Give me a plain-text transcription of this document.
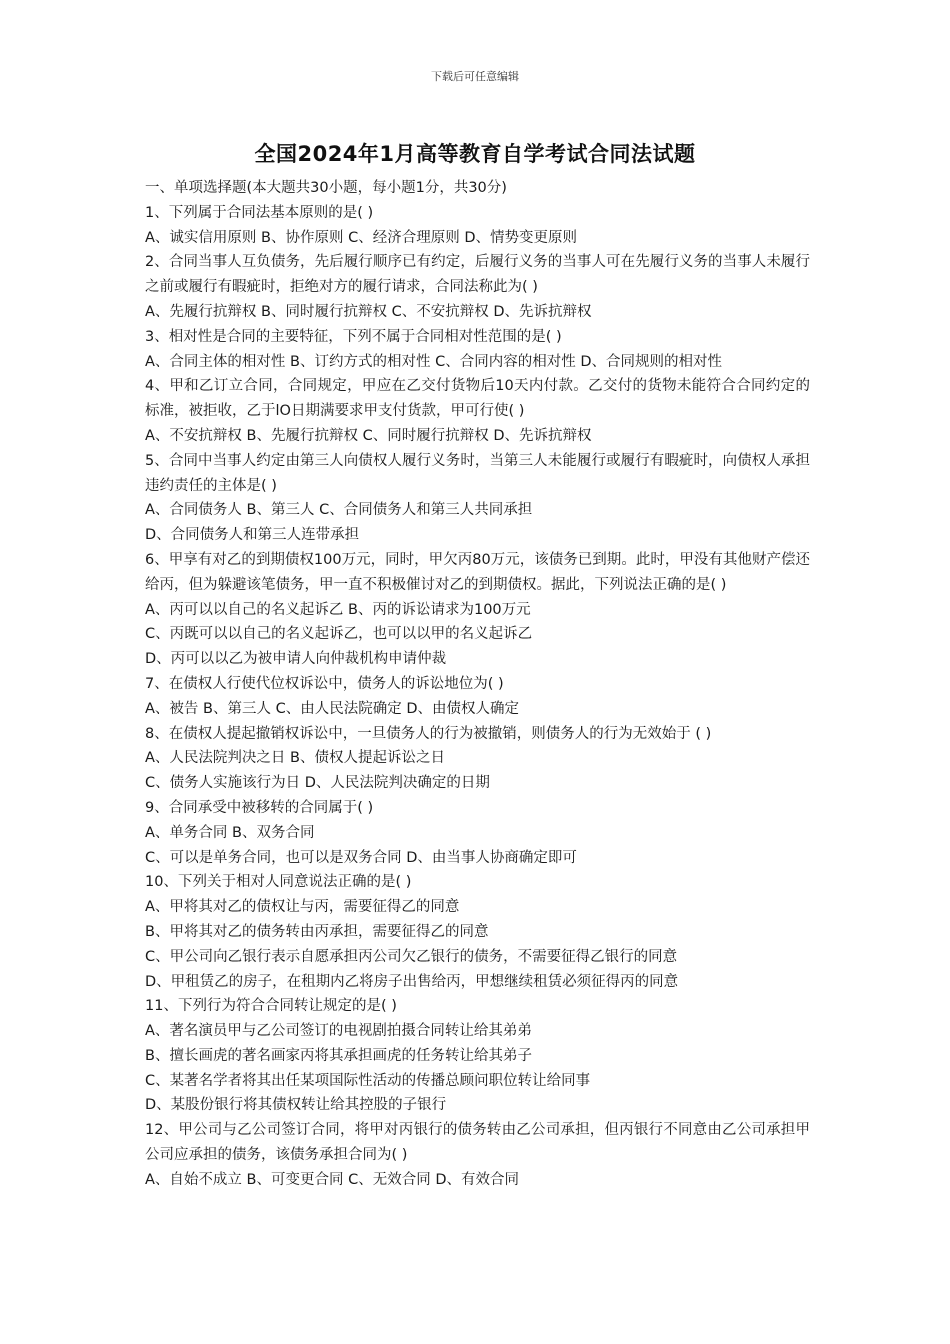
下载后可任意编辑
全国2024年1月高等教育自学考试合同法试题
一、单项选择题(本大题共30小题，每小题1分，共30分)
1、下列属于合同法基本原则的是( )
A、诚实信用原则 B、协作原则 C、经济合理原则 D、情势变更原则
2、合同当事人互负债务，先后履行顺序已有约定，后履行义务的当事人可在先履行义务的当事人未履行之前或履行有暇疵时，拒绝对方的履行请求，合同法称此为( )
A、先履行抗辩权 B、同时履行抗辩权 C、不安抗辩权 D、先诉抗辩权
3、相对性是合同的主要特征，下列不属于合同相对性范围的是( )
A、合同主体的相对性 B、订约方式的相对性 C、合同内容的相对性 D、合同规则的相对性
4、甲和乙订立合同，合同规定，甲应在乙交付货物后10天内付款。乙交付的货物未能符合合同约定的标准，被拒收，乙于lO日期满要求甲支付货款，甲可行使( )
A、不安抗辩权 B、先履行抗辩权 C、同时履行抗辩权 D、先诉抗辩权
5、合同中当事人约定由第三人向债权人履行义务时，当第三人未能履行或履行有暇疵时，向债权人承担违约责任的主体是( )
A、合同债务人 B、第三人 C、合同债务人和第三人共同承担
D、合同债务人和第三人连带承担
6、甲享有对乙的到期债权100万元，同时，甲欠丙80万元，该债务已到期。此时，甲没有其他财产偿还给丙，但为躲避该笔债务，甲一直不积极催讨对乙的到期债权。据此，下列说法正确的是( )
A、丙可以以自己的名义起诉乙 B、丙的诉讼请求为100万元
C、丙既可以以自己的名义起诉乙，也可以以甲的名义起诉乙
D、丙可以以乙为被申请人向仲裁机构申请仲裁
7、在债权人行使代位权诉讼中，债务人的诉讼地位为( )
A、被告 B、第三人 C、由人民法院确定 D、由债权人确定
8、在债权人提起撤销权诉讼中，一旦债务人的行为被撤销，则债务人的行为无效始于 ( )
A、人民法院判决之日 B、债权人提起诉讼之日
C、债务人实施该行为日 D、人民法院判决确定的日期
9、合同承受中被移转的合同属于( )
A、单务合同 B、双务合同
C、可以是单务合同，也可以是双务合同 D、由当事人协商确定即可
10、下列关于相对人同意说法正确的是( )
A、甲将其对乙的债权让与丙，需要征得乙的同意
B、甲将其对乙的债务转由丙承担，需要征得乙的同意
C、甲公司向乙银行表示自愿承担丙公司欠乙银行的债务，不需要征得乙银行的同意
D、甲租赁乙的房子，在租期内乙将房子出售给丙，甲想继续租赁必须征得丙的同意
11、下列行为符合合同转让规定的是( )
A、著名演员甲与乙公司签订的电视剧拍摄合同转让给其弟弟
B、擅长画虎的著名画家丙将其承担画虎的任务转让给其弟子
C、某著名学者将其出任某项国际性活动的传播总顾问职位转让给同事
D、某股份银行将其债权转让给其控股的子银行
12、甲公司与乙公司签订合同，将甲对丙银行的债务转由乙公司承担，但丙银行不同意由乙公司承担甲公司应承担的债务，该债务承担合同为( )
A、自始不成立 B、可变更合同 C、无效合同 D、有效合同
